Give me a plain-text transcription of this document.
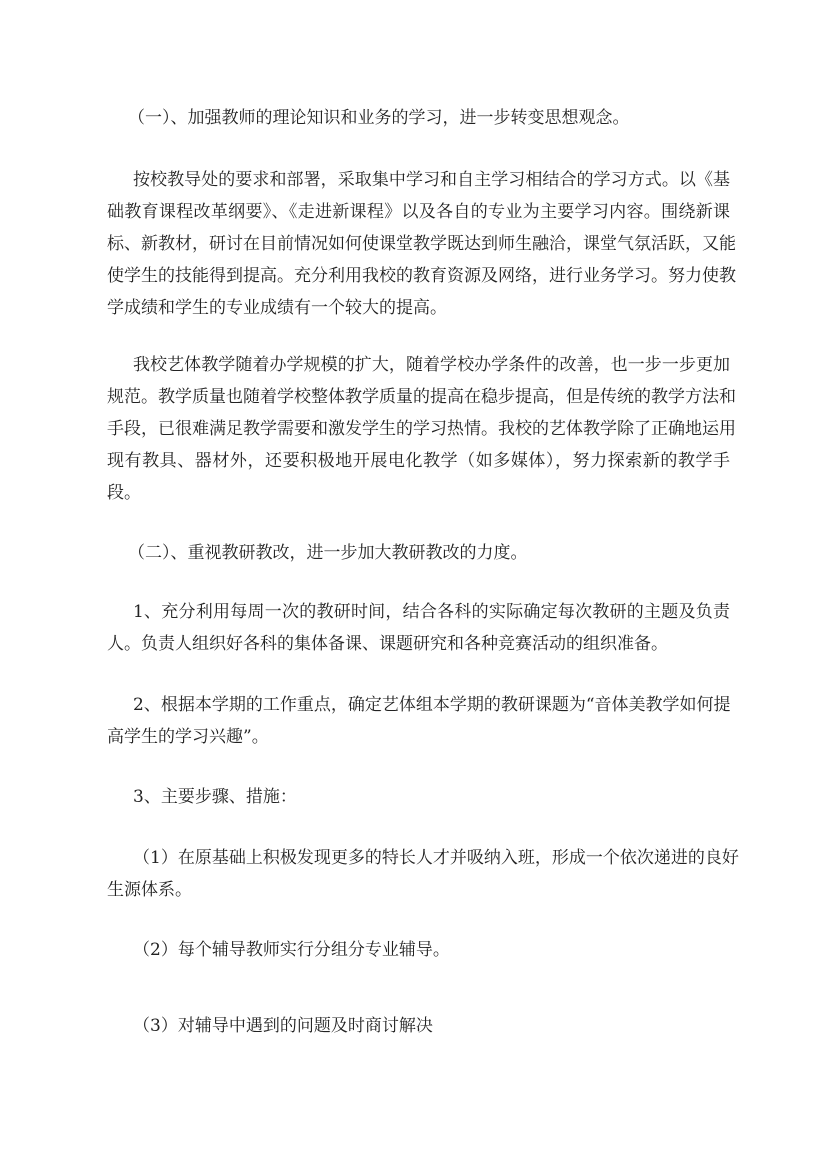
（一）、加强教师的理论知识和业务的学习，进一步转变思想观念。
按校教导处的要求和部署，采取集中学习和自主学习相结合的学习方式。以《基
础教育课程改革纲要》、《走进新课程》以及各自的专业为主要学习内容。围绕新课
标、新教材，研讨在目前情况如何使课堂教学既达到师生融洽，课堂气氛活跃，又能
使学生的技能得到提高。充分利用我校的教育资源及网络，进行业务学习。努力使教
学成绩和学生的专业成绩有一个较大的提高。
我校艺体教学随着办学规模的扩大，随着学校办学条件的改善，也一步一步更加
规范。教学质量也随着学校整体教学质量的提高在稳步提高，但是传统的教学方法和
手段，已很难满足教学需要和激发学生的学习热情。我校的艺体教学除了正确地运用
现有教具、器材外，还要积极地开展电化教学（如多媒体），努力探索新的教学手
段。
（二）、重视教研教改，进一步加大教研教改的力度。
1、充分利用每周一次的教研时间，结合各科的实际确定每次教研的主题及负责
人。负责人组织好各科的集体备课、课题研究和各种竞赛活动的组织准备。
2、根据本学期的工作重点，确定艺体组本学期的教研课题为“音体美教学如何提
高学生的学习兴趣”。
3、主要步骤、措施：
（1）在原基础上积极发现更多的特长人才并吸纳入班，形成一个依次递进的良好
生源体系。
（2）每个辅导教师实行分组分专业辅导。
（3）对辅导中遇到的问题及时商讨解决
